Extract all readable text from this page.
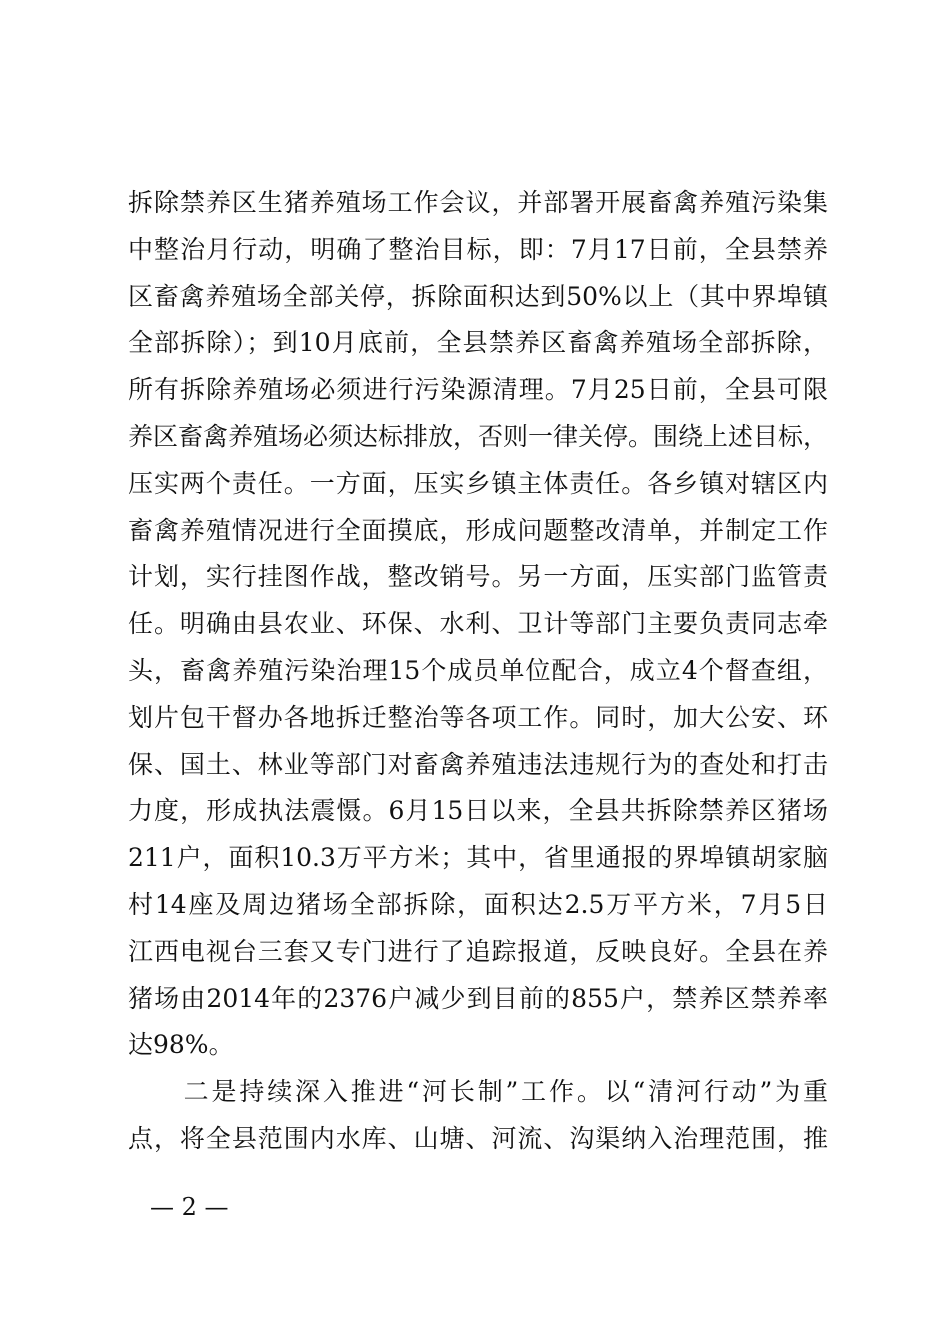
拆除禁养区生猪养殖场工作会议，并部署开展畜禽养殖污染集
中整治月行动，明确了整治目标，即：7月17日前，全县禁养
区畜禽养殖场全部关停，拆除面积达到50%以上（其中界埠镇
全部拆除）；到10月底前，全县禁养区畜禽养殖场全部拆除，
所有拆除养殖场必须进行污染源清理。7月25日前，全县可限
养区畜禽养殖场必须达标排放，否则一律关停。围绕上述目标，
压实两个责任。一方面，压实乡镇主体责任。各乡镇对辖区内
畜禽养殖情况进行全面摸底，形成问题整改清单，并制定工作
计划，实行挂图作战，整改销号。另一方面，压实部门监管责
任。明确由县农业、环保、水利、卫计等部门主要负责同志牵
头，畜禽养殖污染治理15个成员单位配合，成立4个督查组，
划片包干督办各地拆迁整治等各项工作。同时，加大公安、环
保、国土、林业等部门对畜禽养殖违法违规行为的查处和打击
力度，形成执法震慑。6月15日以来，全县共拆除禁养区猪场
211户，面积10.3万平方米；其中，省里通报的界埠镇胡家脑
村14座及周边猪场全部拆除，面积达2.5万平方米，7月5日
江西电视台三套又专门进行了追踪报道，反映良好。全县在养
猪场由2014年的2376户减少到目前的855户，禁养区禁养率
达98%。
　　二是持续深入推进“河长制”工作。以“清河行动”为重
点，将全县范围内水库、山塘、河流、沟渠纳入治理范围，推
— 2 —
